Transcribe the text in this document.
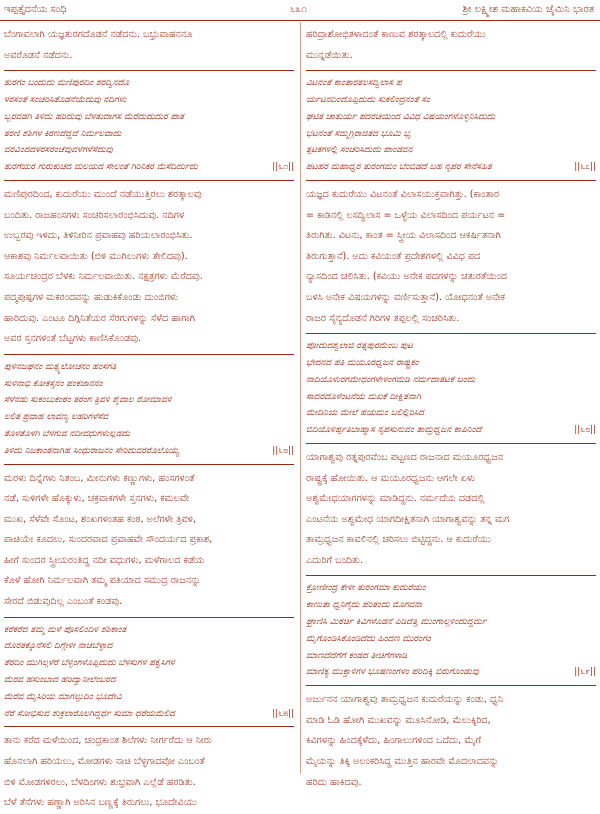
ಇಪ್ಪತ್ತೈದನೆಯ ಸಂಧಿ	೬೩೧	ಶ್ರೀ ಲಕ್ಷ್ಮೀಶ ಮಹಾಕವಿಯ ಜೈಮಿನಿ ಭಾರತ
ಬೆಂಗಾವಲಾಗಿ ಯಜ್ಞತುರಗದೊಡನೆ ನಡೆದನು. ಬಭ್ರುವಾಹನನೂ
ಅವರೊಡನೆ ನಡೆದನು.
ತುರಗಂ ಬಂದುದು ಮಣಿಪುರದಿಂ ಶರದ್ವಿನದೊ
ಳರಸಂತೆ ಸಂಚರಿಸಿತೊಡನೆಯೆದುವು ನದಿಗಳು
ಬ್ಬರವಡಗಿ ತಿಳಿದು ಹರಿದುವು ಬೆಳತುದಾಗಸ ಮೆರೆದುದುದುರ ಪಾತ
ತರಣಿ ಶಶಿಗಳ ಕಿರಣವೆದ್ದವೆ ನಿರ್ಮಲವಾದು
ವರವಿಂದದಳರಸರಂಚೆವುವಳೆಗಳೆಸೆದುವು
ತುರಗೆಯರ ಗುರುಕುಚದ ಮಲಯದ ಸೇಲಂತೆ ಗಿರಿನಿಕರ ಮೆಸೆದಿರ್ದುದು	||೬೧||
ಮಣಿಪುರದಿಂದ, ಕುದುರೆಯು ಮುಂದೆ ನಡೆಯುತ್ತಿರಲು ಶರತ್ಕಾಲವು
ಬಂದಿತು. ರಾಜಹಂಸಗಳು ಸಂಚರಿಸಲಾರಂಭಿಸಿದುವು. ನದಿಗಳ
ಉಬ್ಬರವು ಇಳಿದು, ತಿಳಿನೀರಿನ ಪ್ರವಾಹವು ಹರಿಯಲಾರಂಭಿಸಿತು.
ಆಕಾಶವು ನಿರ್ಮಲವಾಯಿತು (ಬಿಳಿ ಮುಗಿಲುಗಳು ತೇಲಿದವು).
ಸೂರ್ಯಚಂದ್ರರ ಬೆಳಕು ನಿರ್ಮಲವಾಯಿತು. ನಕ್ಷತ್ರಗಳು ಮೆರೆದವು.
ಪದ್ಮಪುಷ್ಪಗಳ ಮಕರಂದವನ್ನು ಹುಡುಕಿಕೊಂಡು ದುಂಬಿಗಳು
ಹಾರಿದುವು. ಎಂಟೂ ದಿಗ್ಗಿನಿತೆಯರ ಸೆರಗುಗಳನ್ನು ಸೆಳೆದ ಹಾಗಾಗಿ
ಅವರ ಸ್ತನಗಳಂತೆ ಬೆಟ್ಟಗಳು ಕಾಣಿಸಿಕೊಂಡವು.
ಪುಳಿನಜಘನಂ ಮತ್ಸ್ಯಲೋಚನಂ ಹಂಸಗತಿ
ಸುಳಿನಾಭಿ ಕೋಕಸ್ತನಂ ಪಂಕಜಾನನಂ
ಸೆಳೆನಡು ಸುಕಂಬುಕಂಠಂ ತರಂಗ ತ್ರಿವಳಿ ಶೈವಾಲ ರೋಮಾವಳಿ
ಲಲಿತ ಪ್ರವಾಹ ಲಾವಣ್ಯ ಲಹರಿಗಳೆಸೆವ
ತೊಳತೊಳಗಿ ಬೆಳಗುವ ನದೀವಧುಗಳುಲ್ಲಡದು
ತಿಳಿದು ನಿಜಕಾಂತನಾಗಿಹ ಸಿಂಧುರಾಜನಂ ಸೇರಿದುವರರೊಲೊಯ್ಯ	||೬೮||
ಮರಳು ದಿನ್ನೆಗಳು ನಿತಂಬ, ಮೀನುಗಳು ಕಣ್ಣುಗಳು, ಹಂಸಗಳಂತೆ
ನಡೆ, ಸುಳಿಗಳೇ ಹೊಕ್ಕುಳು, ಚಕ್ರವಾಕಗಳೇ ಸ್ತನಗಳು, ಕಮಲವೇ
ಮುಖ, ಸೆಳೆವೇ ಸೊಂಟ, ಶಂಖಗಳಂತಹ ಕಂಠ, ಅಲೆಗಳೇ ತ್ರಿವಳಿ,
ಪಾಚಿಯೇ ಕೂದಲು, ಸುಂದರವಾದ ಪ್ರವಾಹವೇ ಸೌಂದರ್ಯದ ಪ್ರಕಾಶ,
ಹೀಗೆ ಸುಂದರ ಸ್ತ್ರೀಯರಂತಿದ್ದ ನದೀ ವಧುಗಳು, ಮಳೆಗಾಲದ ಕಡೆಯ
ಕೊಳೆ ಹೋಗಿ ನಿರ್ಮಲವಾಗಿ ತಮ್ಮ ಪತಿಯಾದ ಸಮುದ್ರ ರಾಜನನ್ನು
ಸೇರದೆ ಬಿಡುವುದಿಲ್ಲ ಎಂಬಂತೆ ಕಂಡವು.
ಕರೆಕರೆದ ತಮ್ಮ ಮಳೆ ಪೊಸಲಿಂದಿಳಿ ಶಶಿಕಾಂತ
ದೊರತಕ್ಕೊನೆಸಲಿ ದಿಗ್ಗೇಳೀ ನಾಚಬೆಳ್ಳಾದ
ತೆರದಿಂ ಮುಗಿಲ್ಗಳೆರೆ ಬೆಳ್ಳಿಂಗಳೊಪ್ಪಿದುದು ಬೆಳಸುಗಳ ಪಕ್ವಸಿಗಳ
ಮೆರವ ಹಸುಂಬಾದ ಹರಿದ್ವಾನೀಲೆಂಬರದ
ಮೆರೆವ ಮೈಸಿರಿಯ ಮಾಗಲ್ಪುದಿಂ ಭೂದೇವಿ
ನೆರೆ ಸೋಭಿಸುವ ಶುಕ್ರಲಾರೊಲಗಿದ್ದರ್ಧ ಸುಮಾ ಧರೆಯಮೆಲಿದ	||೬೫||
ತಾನು ಕರೆದ ಮಳೆಯಿಂದ, ಚಂದ್ರಕಾಂತ ಶಿಲೆಗಳು ನೀರ್ಗರೆದು ಆ ನೀರು
ಹೊನಲಾಗಿ ಹರಿಯಲು, ಮೋಡಗಳು ನಾಚಿ ಬೆಳ್ಳಗಾದವೋ ಎಂಬಂತೆ
ಬಿಳಿ ಮೋಡಗಳಿರಲು, ಬೆಳದಿಂಗಳು ಶುಭ್ರವಾಗಿ ಎಲ್ಲೆಡೆ ಹರಡಿತು.
ಬೆಳೆ ತೆನೆಗಳು ಹಣ್ಣಾಗಿ ಅರಿಸಿನ ಬಣ್ಣಕ್ಕೆ ತಿರುಗಲು, ಭೂದೇವಿಯು
ಹರಿದ್ರಾಶೋಭಿತಳಾದಂತೆ ಕಾಣುವ ಶರತ್ಕಾಲದಲ್ಲಿ ಕುದುರೆಯು
ಮುನ್ನಡೆಯಿತು.
ವಿಟನಂತೆ ಕಾಂತಾರತಲಸದ್ವಿಲಾಸ ಪ
ರ್ಯಟನದಿಂದೊಪ್ಪಿದುದು ಸುಕಲಿಂದ್ರನಂತೆ ಸಂ
ಘಟಿತ ಚಾತುರ್ಯ ಪದರಚಯಿಂದ ವಿವಿಧ ವಿಷಯಂಗಳೊಳ್ಳಿನಿಸಿದುದು
ಭಟನಂತೆ ಸಮ್ಮಗ್ಗಿರಾಜಿತದ ಭೂಮಿ ಭೃ
ತ್ಪಟಕಗಳಲ್ಲಿ ಸಂಚರಿಸಿದುದು ಪಾಂಡವನ
ಪಟಹರ ಮಹಾಧ್ವರ ತುರಂಗಮಂ ಬೆಂಬಿಡದೆ ಬಹ ನೃಪರ ಸೇನೆಸಹಿತ	||೬೭||
ಯಜ್ಞದ ಕುದುರೆಯು ವಿಟನಂತೆ ವಿಲಾಸಯುಕ್ತವಾಗಿತ್ತು. (ಕಾಂತಾರ
= ಕಾಡಿನಲ್ಲಿ ಲಸದ್ವಿಲಾಸ = ಒಳ್ಳೆಯ ವಿಲಾಸದಿಂದ ಪರ್ಯಟನ =
ತಿರುಗಿತು. ವಿಟನು, ಕಾಂತ = ಸ್ತ್ರೀಯ ವಿಲಾಸದಿಂದ ಆಕರ್ಷಿತನಾಗಿ
ತಿರುಗುತ್ತಾನೆ). ಅದು ಕವಿಯಂತೆ ಪ್ರದೇಶಗಳಲ್ಲಿ ವಿವಿಧ ಪದ
ನ್ಯಾಸದಿಂದ ಚಲಿಸಿತು. (ಕವಿಯು ಅನೇಕ ಪದಗಳನ್ನು ಚತುರತೆಯಿಂದ
ಬಳಸಿ ಅನೇಕ ವಿಷಯಗಳನ್ನು ವರ್ಣಿಸುತ್ತಾನೆ). ಯೋಧನಂತೆ ಅನೇಕ
ರಾಜರ ಸೈನ್ಯದೊಡನೆ ಗಿರಿಗಳ ತಪ್ಪಲಲ್ಲಿ ಸಂಚರಿಸಿತು.
ಪೋದುದಶ್ವಲಾಜಿ ರತ್ನಪುರಮೆಂಬ ಪುಟ
ಭೇದನದ ಪತಿ ಮಯೂರಧ್ವಜನ ರಾಷ್ಟ್ರಕಂ
ನಾದಿಯೊಳುರಗಮೇಧಂಗಳೇಳಂಗಮಡಿ ನರ್ಮದಾತಟಕೆ ಬಂದು
ಸಾದರದೊಳೆಂಟನೆಯ ಮಖಕೆ ದೀಕ್ಷಿತನಾಗಿ
ಮೇದಿನಿಯ ಮೇಲೆ ಹಯಮಂ ಬಲಿಲ್ಲಿರಿಸಿದ
ಬಿದಿಯೊಳಿರ್ಪ್ಪತಿಬಾಹ್ಮಾಸ ನೃಪಸುನುವಂ ತಾಮ್ರಧ್ವಜನ ಕಾಪಿನಿಂದೆ	||೬೮||
ಯಾಗಾಶ್ವವು ರತ್ನಪುರವೆಂಬ ಪಟ್ಟಣದ ರಾಜನಾದ ಮಯೂರಧ್ವಜನ
ರಾಷ್ಟ್ರಕ್ಕೆ ಹೋಯಿತು. ಆ ಮಯೂರಧ್ವಜನು ಆಗಲೇ ಏಳು
ಅಶ್ವಮೇಧಯಾಗಗಳನ್ನು ಮಾಡಿದ್ದನು. ನರ್ಮದೆಯ ದಡದಲ್ಲಿ
ಎಂಟನೆಯ ಅಶ್ವಮೇಧ ಯಾಗದೀಕ್ಷಿತನಾಗಿ ಯಾಗಾಶ್ವವನ್ನು ತನ್ನ ಮಗ
ತಾಮ್ರಧ್ವಜನ ಕಾವಲಿನಲ್ಲಿ ಚರಿಸಲು ಬಿಟ್ಟಿದ್ದನು. ಆ ಕುದುರೆಯು
ಎದುರಿಗೆ ಬಂದಿತು.
ಕ್ರೋಣೀಂದ್ರ ಕೇಳೀ ತುರಂಗಮಾ ಕುದುರೆಯಂ
ಕಾಣುತಾ ಧ್ವನಿಗೈದು ಪರಿತಂದು ಮೊಗವನಾ
ಘ್ರಾಣಿಸಿ ಮಿಠರ್ಚಿ ಕಿವಿಗಳೊಡನೆ ಪಿಡಿದೆತ್ತಿ ಮುಂಗಾಲ್ಗಳಿಂದುದ್ದರ್ದು
ಮೈಗೊಂಡಿಸಿಕೊಂಡಿದೆದು ಹಿಂದಣ ಮುರಂಗಂ
ಮಾಣದೆದೆಗೆಗೆ ಕಂಡದ ತೀಚಿಗೆಗಳಾಡಿ
ಮಾಣಿಕ್ಯ ಮುಕ್ತಾಳಿಗಳ ಭೂಷಣಂಗಳಂ ಪರಿದಿಕ್ಕಿ ಬಿರುಗೊಂಡುವು	||೬೯||
ಅರ್ಜುನನ ಯಾಗಾಶ್ವವು ತಾಮ್ರಧ್ವಜನ ಕುದುರೆಯನ್ನು ಕಂಡು, ಧ್ವನಿ
ಮಾಡಿ ಓಡಿ ಹೋಗಿ ಮುಖವನ್ನು ಮೂಸಿನೋಡಿ, ಮೆಲುಕ್ಕಿರಿದ,
ಕಿವಿಗಳನ್ನು ಹಿಂದಕ್ಕೆಳೆದು, ಹಿಂಗಾಲುಗಳಿಂದ ಒದೆದು, ಮೈಗೆ
ಮೈಯನ್ನು ತಿಕ್ಕಿ ಅಲಂಕರಿಸಿದ್ದ ಮುತ್ತಿನ ಹಾರವೇ ಮೊದಲಾದವನ್ನು
ಹರಿದು ಹಾಕಿದವು.
